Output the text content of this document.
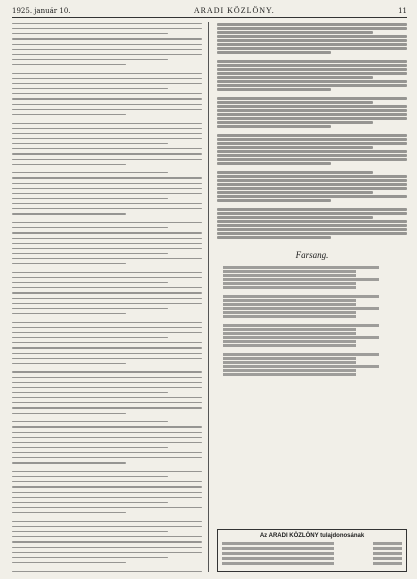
1925. január 10.	ARADI KÖZLÖNY.	11
Farsang.
Az ARADI KÖZLÖNY tulajdonosának
